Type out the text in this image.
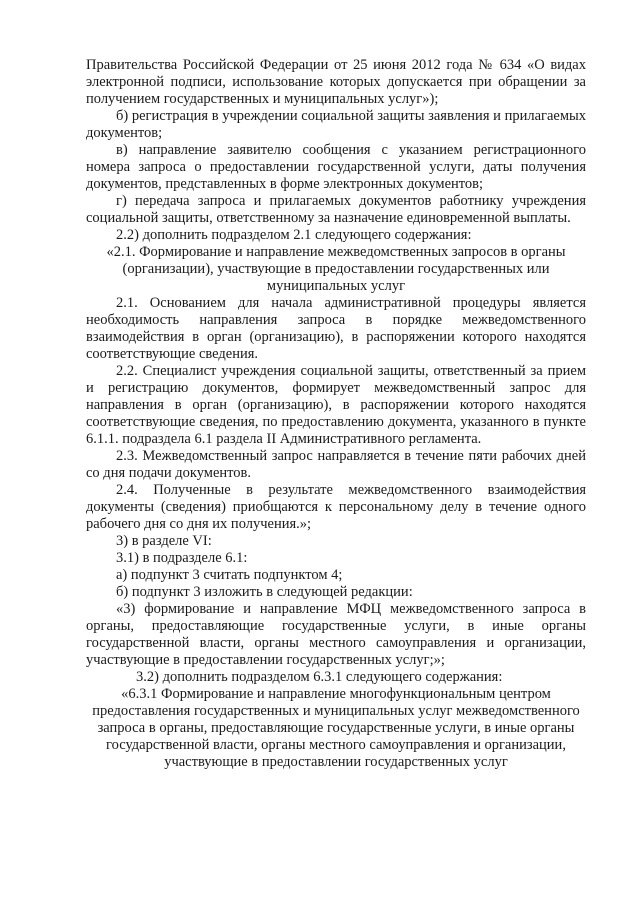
Правительства Российской Федерации от 25 июня 2012 года № 634 «О видах электронной подписи, использование которых допускается при обращении за получением государственных и муниципальных услуг»);

б) регистрация в учреждении социальной защиты заявления и прилагаемых документов;

в) направление заявителю сообщения с указанием регистрационного номера запроса о предоставлении государственной услуги, даты получения документов, представленных в форме электронных документов;

г) передача запроса и прилагаемых документов работнику учреждения социальной защиты, ответственному за назначение единовременной выплаты.

2.2) дополнить подразделом 2.1 следующего содержания:

«2.1. Формирование и направление межведомственных запросов в органы (организации), участвующие в предоставлении государственных или муниципальных услуг

2.1. Основанием для начала административной процедуры является необходимость направления запроса в порядке межведомственного взаимодействия в орган (организацию), в распоряжении которого находятся соответствующие сведения.

2.2. Специалист учреждения социальной защиты, ответственный за прием и регистрацию документов, формирует межведомственный запрос для направления в орган (организацию), в распоряжении которого находятся соответствующие сведения, по предоставлению документа, указанного в пункте 6.1.1. подраздела 6.1 раздела II Административного регламента.

2.3. Межведомственный запрос направляется в течение пяти рабочих дней со дня подачи документов.

2.4. Полученные в результате межведомственного взаимодействия документы (сведения) приобщаются к персональному делу в течение одного рабочего дня со дня их получения.»;

3) в разделе VI:

3.1) в подразделе 6.1:

а) подпункт 3 считать подпунктом 4;

б) подпункт 3 изложить в следующей редакции:

«3) формирование и направление МФЦ межведомственного запроса в органы, предоставляющие государственные услуги, в иные органы государственной власти, органы местного самоуправления и организации, участвующие в предоставлении государственных услуг;»;

3.2) дополнить подразделом 6.3.1 следующего содержания:

«6.3.1 Формирование и направление многофункциональным центром предоставления государственных и муниципальных услуг межведомственного запроса в органы, предоставляющие государственные услуги, в иные органы государственной власти, органы местного самоуправления и организации, участвующие в предоставлении государственных услуг
